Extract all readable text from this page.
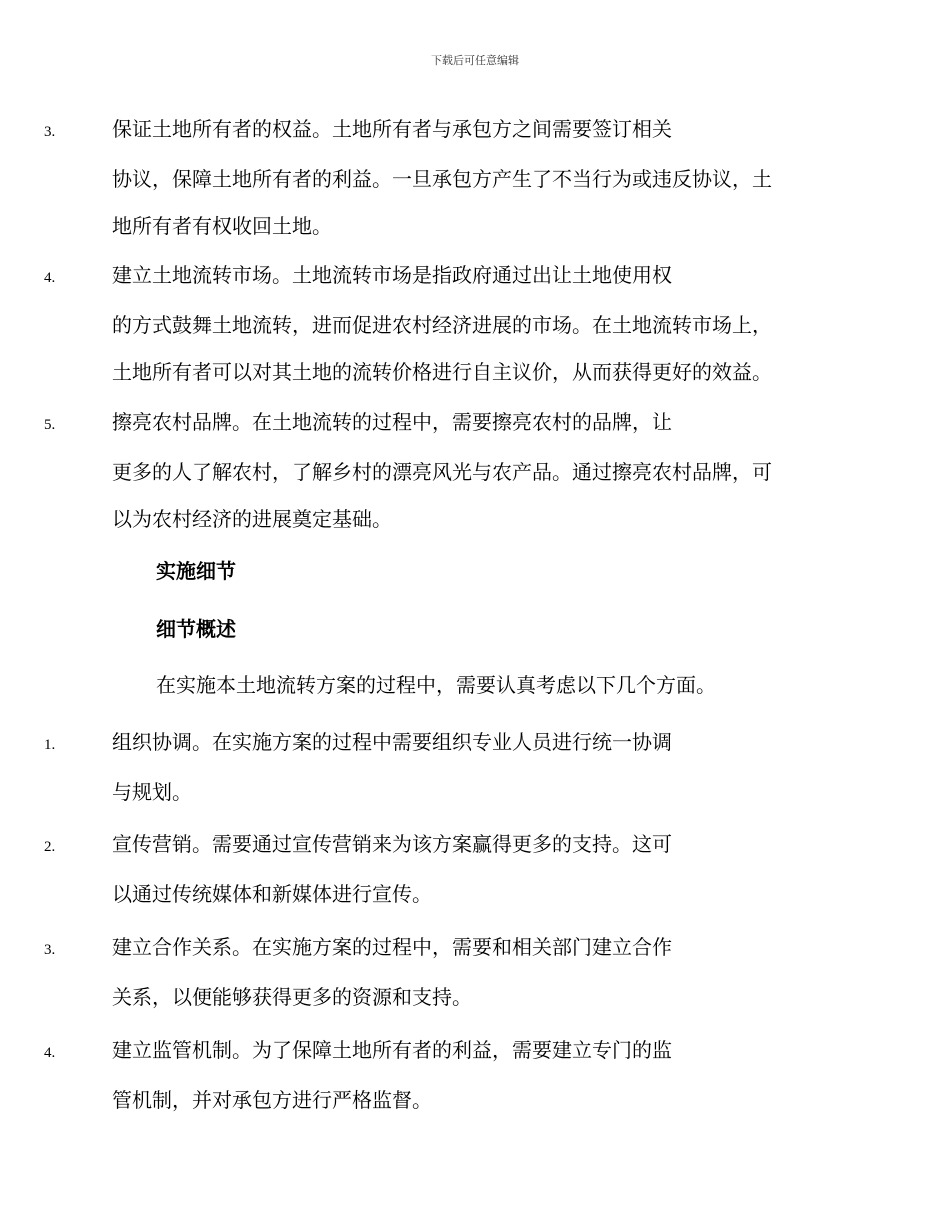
下载后可任意编辑
3.	保证土地所有者的权益。土地所有者与承包方之间需要签订相关
协议，保障土地所有者的利益。一旦承包方产生了不当行为或违反协议，土
地所有者有权收回土地。
4.	建立土地流转市场。土地流转市场是指政府通过出让土地使用权
的方式鼓舞土地流转，进而促进农村经济进展的市场。在土地流转市场上，
土地所有者可以对其土地的流转价格进行自主议价，从而获得更好的效益。
5.	擦亮农村品牌。在土地流转的过程中，需要擦亮农村的品牌，让
更多的人了解农村，了解乡村的漂亮风光与农产品。通过擦亮农村品牌，可
以为农村经济的进展奠定基础。
实施细节
细节概述
在实施本土地流转方案的过程中，需要认真考虑以下几个方面。
1.	组织协调。在实施方案的过程中需要组织专业人员进行统一协调
与规划。
2.	宣传营销。需要通过宣传营销来为该方案赢得更多的支持。这可
以通过传统媒体和新媒体进行宣传。
3.	建立合作关系。在实施方案的过程中，需要和相关部门建立合作
关系，以便能够获得更多的资源和支持。
4.	建立监管机制。为了保障土地所有者的利益，需要建立专门的监
管机制，并对承包方进行严格监督。
